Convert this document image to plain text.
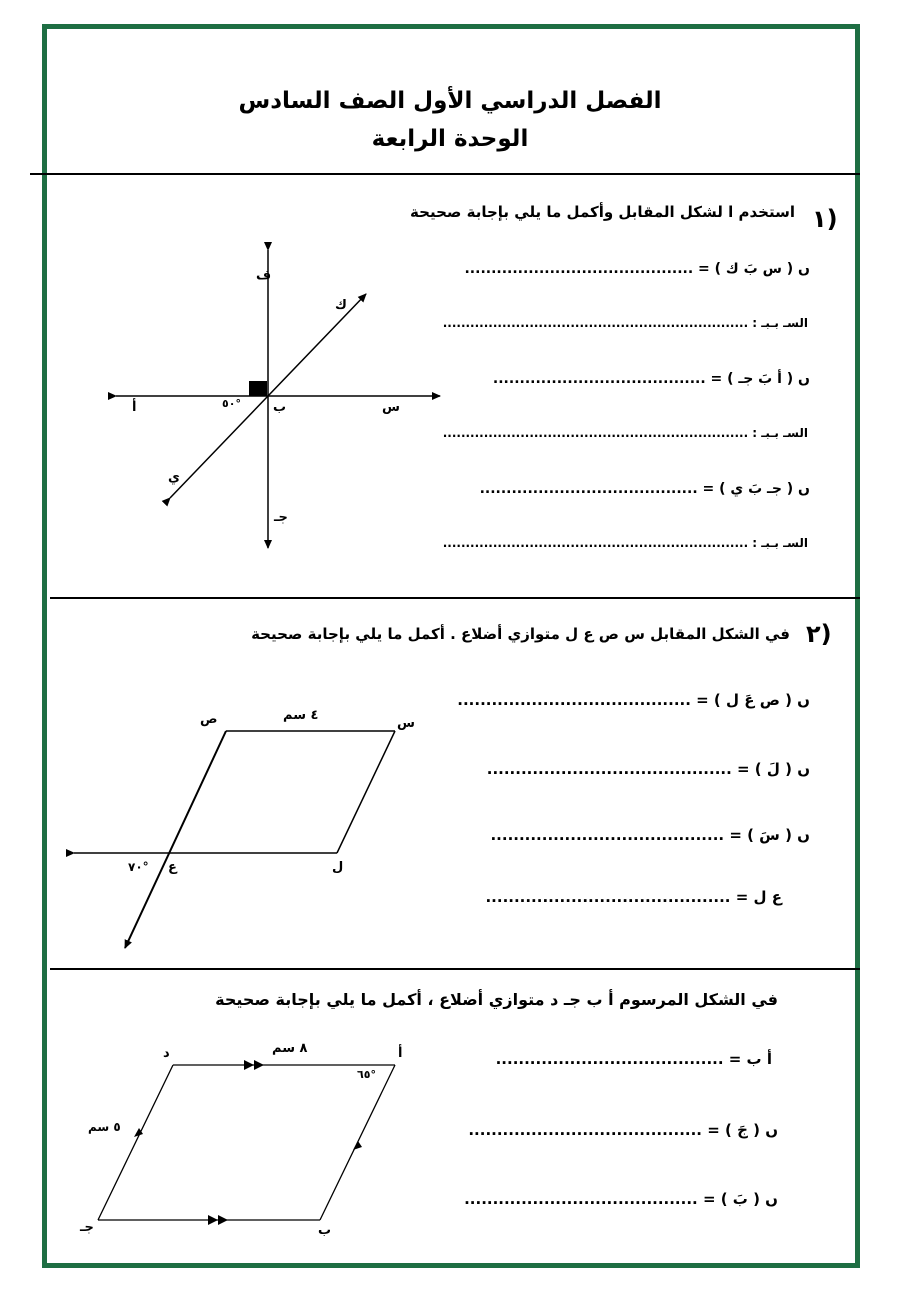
الفصل الدراسي الأول الصف السادس
الوحدة الرابعة
١)
استخدم ا لشكل المقابل وأكمل ما يلي بإجابة صحيحة
ں ( س بَ ك ) = ...........................................
السـ بـبـ : ...................................................................
ں ( أ بَ جـ ) = ........................................
السـ بـبـ : ...................................................................
ں ( جـ بَ ي ) = .........................................
السـ بـبـ : ...................................................................
ف
ك
أ	ب	س
٥٠°
ي
جـ
٢)
في الشكل المقابل س ص ع ل متوازي أضلاع . أكمل ما يلي بإجابة صحيحة
ں ( ص عَ ل ) = .........................................
ں ( لَ ) = ...........................................
ں ( سَ ) = .........................................
ع ل = ...........................................
ص	٤ سم
س
ل
ع
٧٠°
في الشكل المرسوم أ ب جـ د متوازي أضلاع ، أكمل ما يلي بإجابة صحيحة
أ ب = ........................................
ں ( جَ ) = .........................................
ں ( بَ ) = .........................................
د	٨ سم	أ
٦٥°
٥ سم
جـ	ب
